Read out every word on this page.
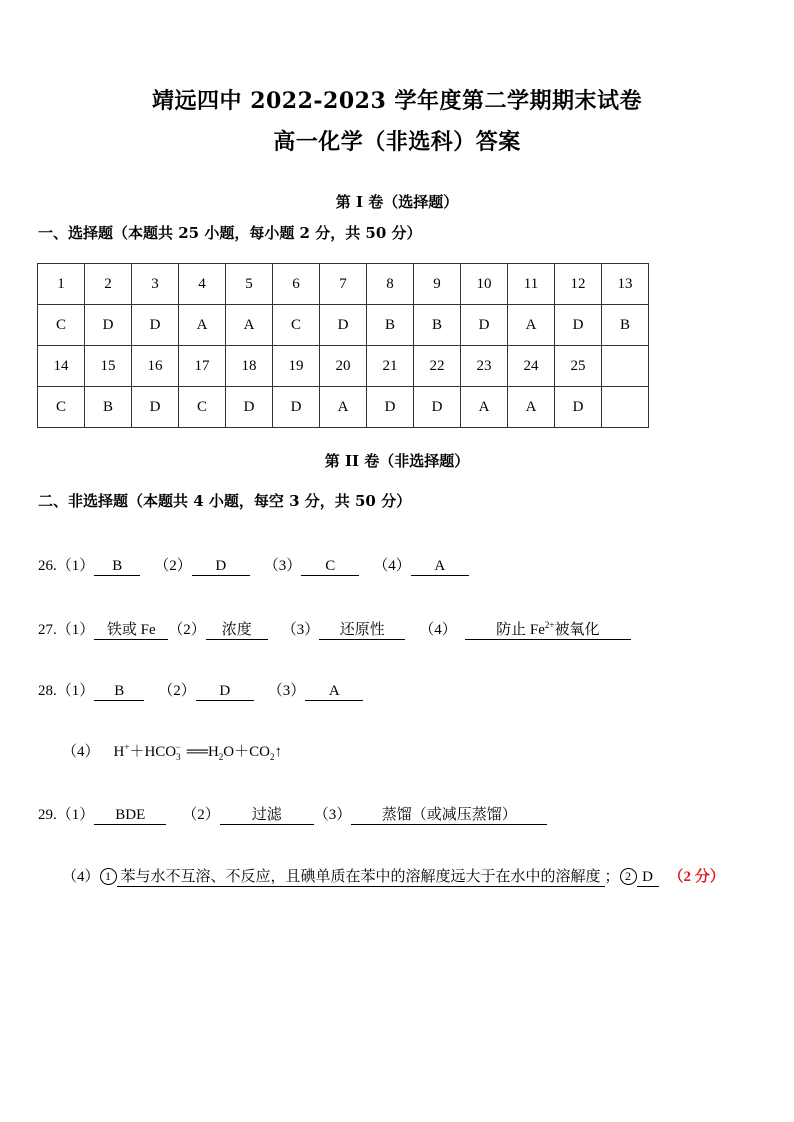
靖远四中 2022-2023 学年度第二学期期末试卷
高一化学（非选科）答案
第 I 卷（选择题）
一、选择题（本题共 25 小题，每小题 2 分，共 50 分）
1	2	3	4	5	6	7	8	9	10	11	12	13
C	D	D	A	A	C	D	B	B	D	A	D	B
14	15	16	17	18	19	20	21	22	23	24	25	
C	B	D	C	D	D	A	D	D	A	A	D	
第 II 卷（非选择题）
二、非选择题（本题共 4 小题，每空 3 分，共 50 分）
26.（1） B （2） D	（3） C	（4） A
27.（1） 铁或 Fe （2） 浓度 （3） 还原性 （4）	防止 $Fe^{2+}$被氧化
28.（1） B （2） D	（3） A
（4） $H^++HCO_3^-$ $══H_2O+CO_2↑$
29.（1） BDE （2） 过滤 （3） 蒸馏（或减压蒸馏）
（4） 1 苯与水不互溶、不反应，且碘单质在苯中的溶解度远大于在水中的溶解度 ； 2 D （2 分）
